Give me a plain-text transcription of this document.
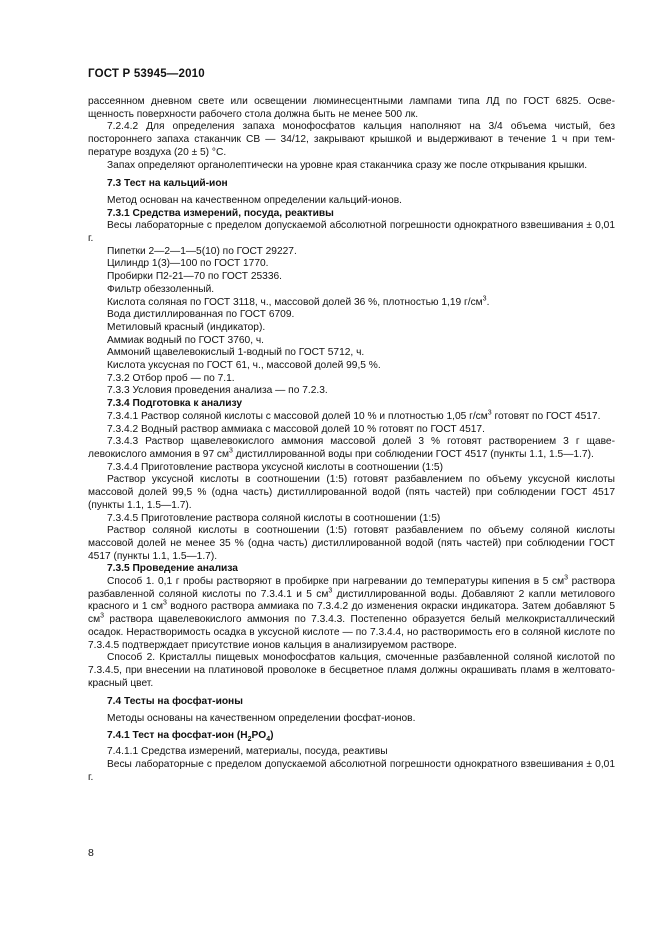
ГОСТ Р 53945—2010

рассеянном дневном свете или освещении люминесцентными лампами типа ЛД по ГОСТ 6825. Освещенность поверхности рабочего стола должна быть не менее 500 лк.

7.2.4.2 Для определения запаха монофосфатов кальция наполняют на 3/4 объема чистый, без постороннего запаха стаканчик СВ — 34/12, закрывают крышкой и выдерживают в течение 1 ч при температуре воздуха (20 ± 5) °С.

Запах определяют органолептически на уровне края стаканчика сразу же после открывания крышки.

7.3 Тест на кальций-ион

Метод основан на качественном определении кальций-ионов.

7.3.1 Средства измерений, посуда, реактивы

Весы лабораторные с пределом допускаемой абсолютной погрешности однократного взвешивания ± 0,01 г.

Пипетки 2—2—1—5(10) по ГОСТ 29227.

Цилиндр 1(3)—100 по ГОСТ 1770.

Пробирки П2-21—70 по ГОСТ 25336.

Фильтр обеззоленный.

Кислота соляная по ГОСТ 3118, ч., массовой долей 36 %, плотностью 1,19 $г/см^3$.

Вода дистиллированная по ГОСТ 6709.

Метиловый красный (индикатор).

Аммиак водный по ГОСТ 3760, ч.

Аммоний щавелевокислый 1-водный по ГОСТ 5712, ч.

Кислота уксусная по ГОСТ 61, ч., массовой долей 99,5 %.

7.3.2 Отбор проб — по 7.1.

7.3.3 Условия проведения анализа — по 7.2.3.

7.3.4 Подготовка к анализу

7.3.4.1 Раствор соляной кислоты с массовой долей 10 % и плотностью 1,05 $г/см^3$ готовят по ГОСТ 4517.

7.3.4.2 Водный раствор аммиака с массовой долей 10 % готовят по ГОСТ 4517.

7.3.4.3 Раствор щавелевокислого аммония массовой долей 3 % готовят растворением 3 г щавелевокислого аммония в 97 $см^3$ дистиллированной воды при соблюдении ГОСТ 4517 (пункты 1.1, 1.5—1.7).

7.3.4.4 Приготовление раствора уксусной кислоты в соотношении (1:5)

Раствор уксусной кислоты в соотношении (1:5) готовят разбавлением по объему уксусной кислоты массовой долей 99,5 % (одна часть) дистиллированной водой (пять частей) при соблюдении ГОСТ 4517 (пункты 1.1, 1.5—1.7).

7.3.4.5 Приготовление раствора соляной кислоты в соотношении (1:5)

Раствор соляной кислоты в соотношении (1:5) готовят разбавлением по объему соляной кислоты массовой долей не менее 35 % (одна часть) дистиллированной водой (пять частей) при соблюдении ГОСТ 4517 (пункты 1.1, 1.5—1.7).

7.3.5 Проведение анализа

Способ 1. 0,1 г пробы растворяют в пробирке при нагревании до температуры кипения в 5 $см^3$ раствора разбавленной соляной кислоты по 7.3.4.1 и 5 $см^3$ дистиллированной воды. Добавляют 2 капли метилового красного и 1 $см^3$ водного раствора аммиака по 7.3.4.2 до изменения окраски индикатора. Затем добавляют 5 $см^3$ раствора щавелевокислого аммония по 7.3.4.3. Постепенно образуется белый мелкокристаллический осадок. Нерастворимость осадка в уксусной кислоте — по 7.3.4.4, но растворимость его в соляной кислоте по 7.3.4.5 подтверждает присутствие ионов кальция в анализируемом растворе.

Способ 2. Кристаллы пищевых монофосфатов кальция, смоченные разбавленной соляной кислотой по 7.3.4.5, при внесении на платиновой проволоке в бесцветное пламя должны окрашивать пламя в желтовато-красный цвет.

7.4 Тесты на фосфат-ионы

Методы основаны на качественном определении фосфат-ионов.

7.4.1 Тест на фосфат-ион $(H_2PO_4)$

7.4.1.1 Средства измерений, материалы, посуда, реактивы

Весы лабораторные с пределом допускаемой абсолютной погрешности однократного взвешивания ± 0,01 г.

8
